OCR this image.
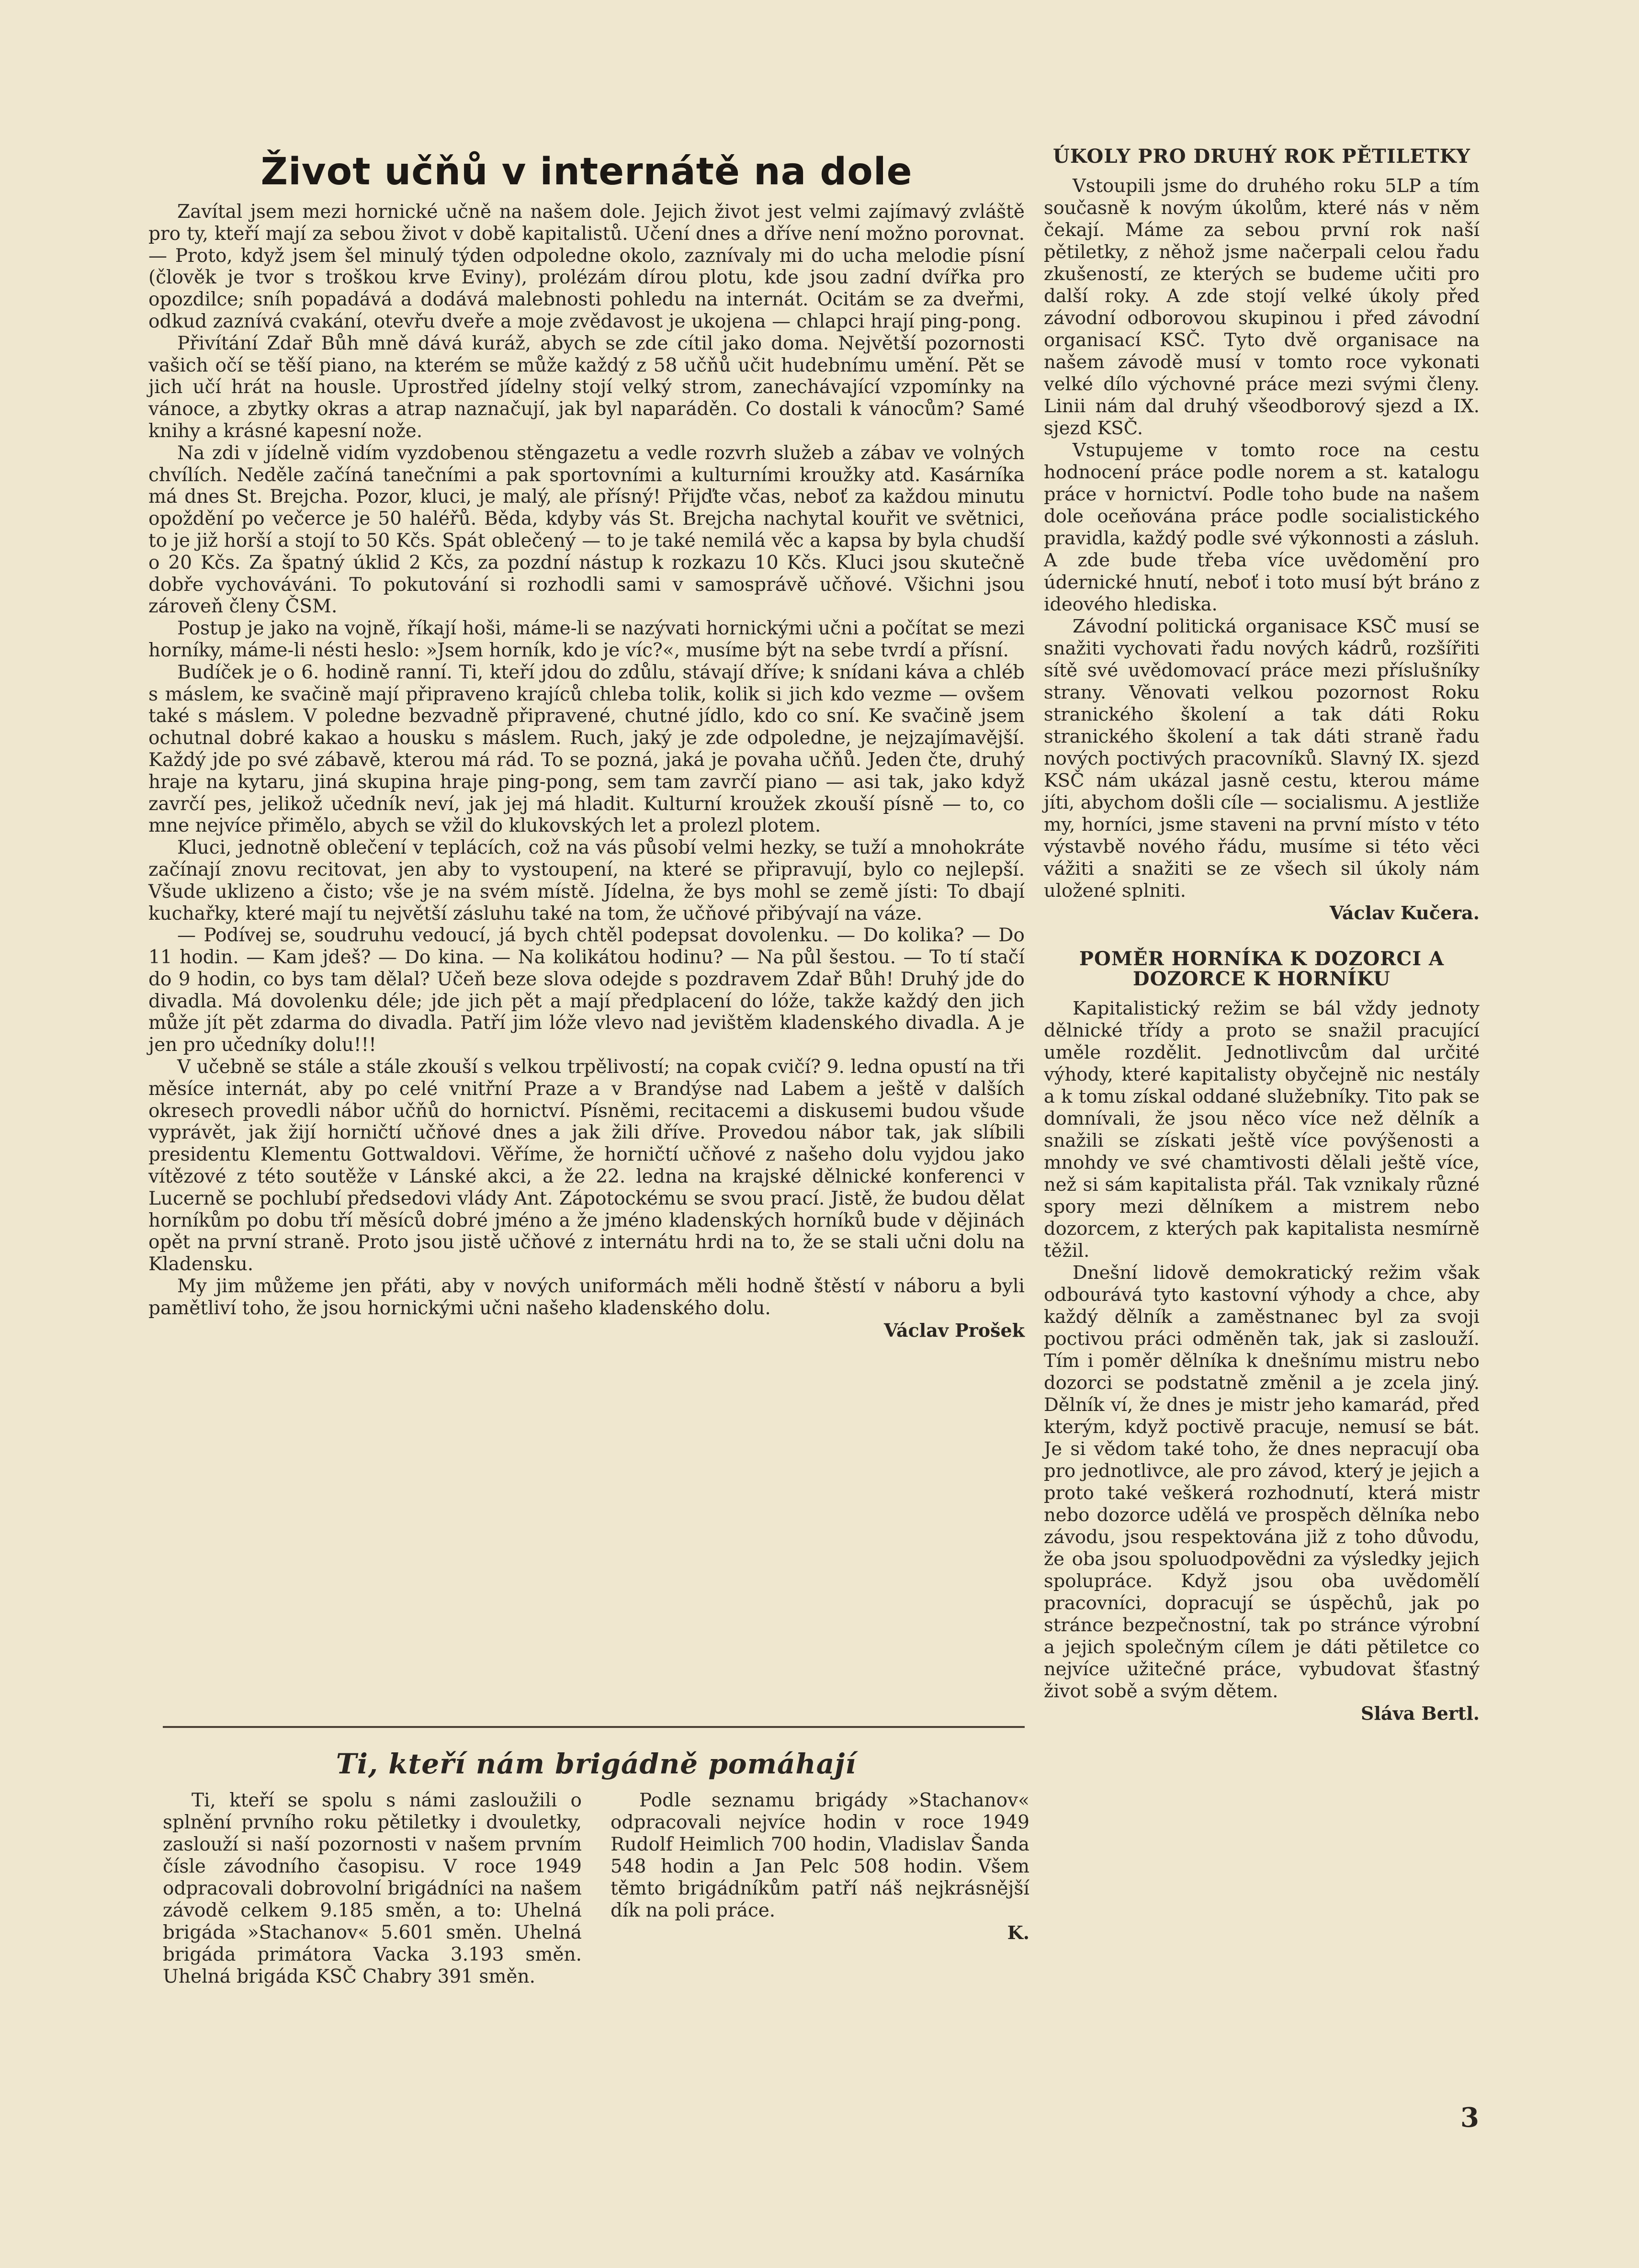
Život učňů v internátě na dole

Zavítal jsem mezi hornické učně na našem dole. Jejich život jest velmi zajímavý zvláště pro ty, kteří mají za sebou život v době kapitalistů. Učení dnes a dříve není možno porovnat. — Proto, když jsem šel minulý týden odpoledne okolo, zaznívaly mi do ucha melodie písní (člověk je tvor s troškou krve Eviny), prolézám dírou plotu, kde jsou zadní dvířka pro opozdilce; sníh popadává a dodává malebnosti pohledu na internát. Ocitám se za dveřmi, odkud zaznívá cvakání, otevřu dveře a moje zvědavost je ukojena — chlapci hrají ping-pong.

Přivítání Zdař Bůh mně dává kuráž, abych se zde cítil jako doma. Největší pozornosti vašich očí se těší piano, na kterém se může každý z 58 učňů učit hudebnímu umění. Pět se jich učí hrát na housle. Uprostřed jídelny stojí velký strom, zanechávající vzpomínky na vánoce, a zbytky okras a atrap naznačují, jak byl naparáděn. Co dostali k vánocům? Samé knihy a krásné kapesní nože.

Na zdi v jídelně vidím vyzdobenou stěngazetu a vedle rozvrh služeb a zábav ve volných chvílích. Neděle začíná tanečními a pak sportovními a kulturními kroužky atd. Kasárníka má dnes St. Brejcha. Pozor, kluci, je malý, ale přísný! Přijďte včas, neboť za každou minutu opoždění po večerce je 50 haléřů. Běda, kdyby vás St. Brejcha nachytal kouřit ve světnici, to je již horší a stojí to 50 Kčs. Spát oblečený — to je také nemilá věc a kapsa by byla chudší o 20 Kčs. Za špatný úklid 2 Kčs, za pozdní nástup k rozkazu 10 Kčs. Kluci jsou skutečně dobře vychováváni. To pokutování si rozhodli sami v samosprávě učňové. Všichni jsou zároveň členy ČSM.

Postup je jako na vojně, říkají hoši, máme-li se nazývati hornickými učni a počítat se mezi horníky, máme-li nésti heslo: »Jsem horník, kdo je víc?«, musíme být na sebe tvrdí a přísní.

Budíček je o 6. hodině ranní. Ti, kteří jdou do zdůlu, stávají dříve; k snídani káva a chléb s máslem, ke svačině mají připraveno krajíců chleba tolik, kolik si jich kdo vezme — ovšem také s máslem. V poledne bezvadně připravené, chutné jídlo, kdo co sní. Ke svačině jsem ochutnal dobré kakao a housku s máslem. Ruch, jaký je zde odpoledne, je nejzajímavější. Každý jde po své zábavě, kterou má rád. To se pozná, jaká je povaha učňů. Jeden čte, druhý hraje na kytaru, jiná skupina hraje ping-pong, sem tam zavrčí piano — asi tak, jako když zavrčí pes, jelikož učedník neví, jak jej má hladit. Kulturní kroužek zkouší písně — to, co mne nejvíce přimělo, abych se vžil do klukovských let a prolezl plotem.

Kluci, jednotně oblečení v teplácích, což na vás působí velmi hezky, se tuží a mnohokráte začínají znovu recitovat, jen aby to vystoupení, na které se připravují, bylo co nejlepší. Všude uklizeno a čisto; vše je na svém místě. Jídelna, že bys mohl se země jísti: To dbají kuchařky, které mají tu největší zásluhu také na tom, že učňové přibývají na váze.

— Podívej se, soudruhu vedoucí, já bych chtěl podepsat dovolenku. — Do kolika? — Do 11 hodin. — Kam jdeš? — Do kina. — Na kolikátou hodinu? — Na půl šestou. — To tí stačí do 9 hodin, co bys tam dělal? Učeň beze slova odejde s pozdravem Zdař Bůh! Druhý jde do divadla. Má dovolenku déle; jde jich pět a mají předplacení do lóže, takže každý den jich může jít pět zdarma do divadla. Patří jim lóže vlevo nad jevištěm kladenského divadla. A je jen pro učedníky dolu!!!

V učebně se stále a stále zkouší s velkou trpělivostí; na copak cvičí? 9. ledna opustí na tři měsíce internát, aby po celé vnitřní Praze a v Brandýse nad Labem a ještě v dalších okresech provedli nábor učňů do hornictví. Písněmi, recitacemi a diskusemi budou všude vyprávět, jak žijí horničtí učňové dnes a jak žili dříve. Provedou nábor tak, jak slíbili presidentu Klementu Gottwaldovi. Věříme, že horničtí učňové z našeho dolu vyjdou jako vítězové z této soutěže v Lánské akci, a že 22. ledna na krajské dělnické konferenci v Lucerně se pochlubí předsedovi vlády Ant. Zápotockému se svou prací. Jistě, že budou dělat horníkům po dobu tří měsíců dobré jméno a že jméno kladenských horníků bude v dějinách opět na první straně. Proto jsou jistě učňové z internátu hrdi na to, že se stali učni dolu na Kladensku.

My jim můžeme jen přáti, aby v nových uniformách měli hodně štěstí v náboru a byli pamětliví toho, že jsou hornickými učni našeho kladenského dolu.

Václav Prošek

ÚKOLY PRO DRUHÝ ROK PĚTILETKY

Vstoupili jsme do druhého roku 5LP a tím současně k novým úkolům, které nás v něm čekají. Máme za sebou první rok naší pětiletky, z něhož jsme načerpali celou řadu zkušeností, ze kterých se budeme učiti pro další roky. A zde stojí velké úkoly před závodní odborovou skupinou i před závodní organisací KSČ. Tyto dvě organisace na našem závodě musí v tomto roce vykonati velké dílo výchovné práce mezi svými členy. Linii nám dal druhý všeodborový sjezd a IX. sjezd KSČ.

Vstupujeme v tomto roce na cestu hodnocení práce podle norem a st. katalogu práce v hornictví. Podle toho bude na našem dole oceňována práce podle socialistického pravidla, každý podle své výkonnosti a zásluh. A zde bude třeba více uvědomění pro údernické hnutí, neboť i toto musí být bráno z ideového hlediska.

Závodní politická organisace KSČ musí se snažiti vychovati řadu nových kádrů, rozšířiti sítě své uvědomovací práce mezi příslušníky strany. Věnovati velkou pozornost Roku stranického školení a tak dáti Roku stranického školení a tak dáti straně řadu nových poctivých pracovníků. Slavný IX. sjezd KSČ nám ukázal jasně cestu, kterou máme jíti, abychom došli cíle — socialismu. A jestliže my, horníci, jsme staveni na první místo v této výstavbě nového řádu, musíme si této věci vážiti a snažiti se ze všech sil úkoly nám uložené splniti.

Václav Kučera.

POMĚR HORNÍKA K DOZORCI A DOZORCE K HORNÍKU

Kapitalistický režim se bál vždy jednoty dělnické třídy a proto se snažil pracující uměle rozdělit. Jednotlivcům dal určité výhody, které kapitalisty obyčejně nic nestály a k tomu získal oddané služebníky. Tito pak se domnívali, že jsou něco více než dělník a snažili se získati ještě více povýšenosti a mnohdy ve své chamtivosti dělali ještě více, než si sám kapitalista přál. Tak vznikaly různé spory mezi dělníkem a mistrem nebo dozorcem, z kterých pak kapitalista nesmírně těžil.

Dnešní lidově demokratický režim však odbourává tyto kastovní výhody a chce, aby každý dělník a zaměstnanec byl za svoji poctivou práci odměněn tak, jak si zaslouží. Tím i poměr dělníka k dnešnímu mistru nebo dozorci se podstatně změnil a je zcela jiný. Dělník ví, že dnes je mistr jeho kamarád, před kterým, když poctivě pracuje, nemusí se bát. Je si vědom také toho, že dnes nepracují oba pro jednotlivce, ale pro závod, který je jejich a proto také veškerá rozhodnutí, která mistr nebo dozorce udělá ve prospěch dělníka nebo závodu, jsou respektována již z toho důvodu, že oba jsou spoluodpovědni za výsledky jejich spolupráce. Když jsou oba uvědomělí pracovníci, dopracují se úspěchů, jak po stránce bezpečnostní, tak po stránce výrobní a jejich společným cílem je dáti pětiletce co nejvíce užitečné práce, vybudovat šťastný život sobě a svým dětem.

Sláva Bertl.

Ti, kteří nám brigádně pomáhají

Ti, kteří se spolu s námi zasloužili o splnění prvního roku pětiletky i dvouletky, zaslouží si naší pozornosti v našem prvním čísle závodního časopisu. V roce 1949 odpracovali dobrovolní brigádníci na našem závodě celkem 9.185 směn, a to: Uhelná brigáda »Stachanov« 5.601 směn. Uhelná brigáda primátora Vacka 3.193 směn. Uhelná brigáda KSČ Chabry 391 směn.

Podle seznamu brigády »Stachanov« odpracovali nejvíce hodin v roce 1949 Rudolf Heimlich 700 hodin, Vladislav Šanda 548 hodin a Jan Pelc 508 hodin. Všem těmto brigádníkům patří náš nejkrásnější dík na poli práce.

K.

3
